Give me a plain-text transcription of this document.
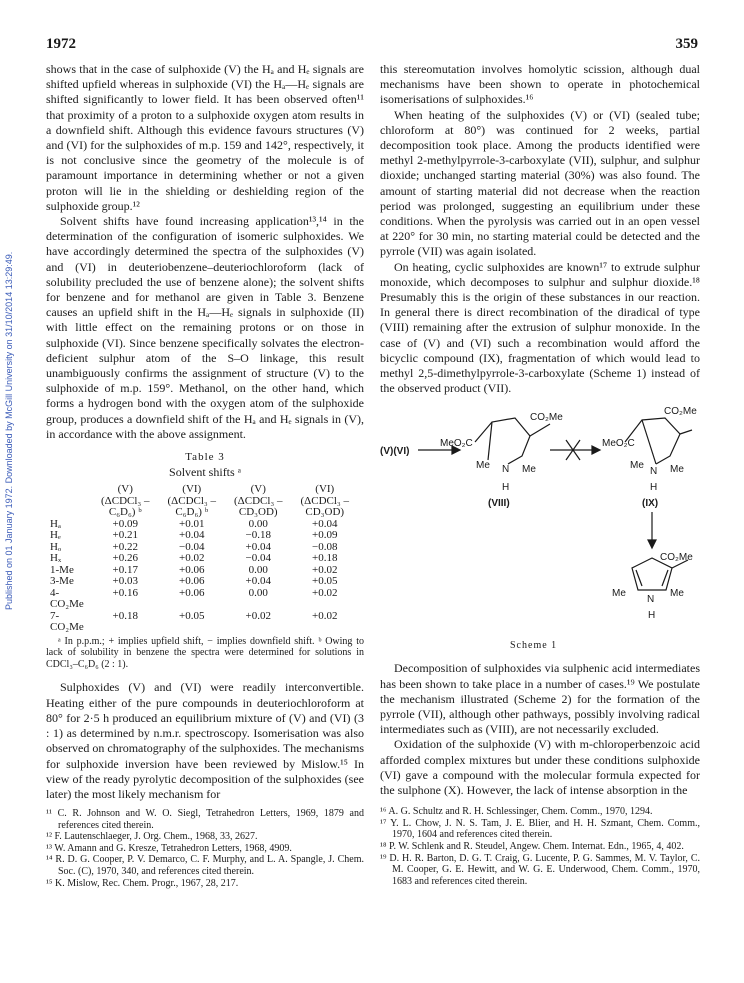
Published on 01 January 1972. Downloaded by McGill University on 31/10/2014 13:29:49.
1972	359

shows that in the case of sulphoxide (V) the Hₐ and Hₑ signals are shifted upfield whereas in sulphoxide (VI) the Hₐ—Hₑ signals are shifted significantly to lower field. It has been observed often¹¹ that proximity of a proton to a sulphoxide oxygen atom results in a downfield shift. Although this evidence favours structures (V) and (VI) for the sulphoxides of m.p. 159 and 142°, respectively, it is not conclusive since the geometry of the molecule is of paramount importance in determining whether or not a given proton will lie in the shielding or deshielding region of the sulphoxide group.¹²

Solvent shifts have found increasing application¹³,¹⁴ in the determination of the configuration of isomeric sulphoxides. We have accordingly determined the spectra of the sulphoxides (V) and (VI) in deuteriobenzene–deuteriochloroform (lack of solubility precluded the use of benzene alone); the solvent shifts for benzene and for methanol are given in Table 3. Benzene causes an upfield shift in the Hₐ—Hₑ signals in sulphoxide (II) with little effect on the remaining protons or on those in sulphoxide (VI). Since benzene specifically solvates the electron-deficient sulphur atom of the S–O linkage, this result unambiguously confirms the assignment of structure (V) to the sulphoxide of m.p. 159°. Methanol, on the other hand, which forms a hydrogen bond with the oxygen atom of the sulphoxide group, produces a downfield shift of the Hₐ and Hₑ signals in (V), in accordance with the above assignment.

Table 3
Solvent shifts ᵃ
	(V)	(VI)	(V)	(VI)
	(ΔCDCl₃ –	(ΔCDCl₃ –	(ΔCDCl₃ –	(ΔCDCl₃ –
	C₆D₆) ᵇ	C₆D₆) ᵇ	CD₃OD)	CD₃OD)
Hₐ	+0.09	+0.01	0.00	+0.04
Hₑ	+0.21	+0.04	−0.18	+0.09
Hₒ	+0.22	−0.04	+0.04	−0.08
Hₓ	+0.26	+0.02	−0.04	+0.18
1-Me	+0.17	+0.06	0.00	+0.02
3-Me	+0.03	+0.06	+0.04	+0.05
4-CO₂Me	+0.16	+0.06	0.00	+0.02
7-CO₂Me	+0.18	+0.05	+0.02	+0.02
ᵃ In p.p.m.; + implies upfield shift, − implies downfield shift. ᵇ Owing to lack of solubility in benzene the spectra were determined for solutions in CDCl₃–C₆D₆ (2 : 1).

Sulphoxides (V) and (VI) were readily interconvertible. Heating either of the pure compounds in deuteriochloroform at 80° for 2·5 h produced an equilibrium mixture of (V) and (VI) (3 : 1) as determined by n.m.r. spectroscopy. Isomerisation was also observed on chromatography of the sulphoxides. The mechanisms for sulphoxide inversion have been reviewed by Mislow.¹⁵ In view of the ready pyrolytic decomposition of the sulphoxides (see later) the most likely mechanism for

¹¹ C. R. Johnson and W. O. Siegl, Tetrahedron Letters, 1969, 1879 and references cited therein.
¹² F. Lautenschlaeger, J. Org. Chem., 1968, 33, 2627.
¹³ W. Amann and G. Kresze, Tetrahedron Letters, 1968, 4909.
¹⁴ R. D. G. Cooper, P. V. Demarco, C. F. Murphy, and L. A. Spangle, J. Chem. Soc. (C), 1970, 340, and references cited therein.
¹⁵ K. Mislow, Rec. Chem. Progr., 1967, 28, 217.

this stereomutation involves homolytic scission, although dual mechanisms have been shown to operate in photochemical isomerisations of sulphoxides.¹⁶

When heating of the sulphoxides (V) or (VI) (sealed tube; chloroform at 80°) was continued for 2 weeks, partial decomposition took place. Among the products identified were methyl 2-methylpyrrole-3-carboxylate (VII), sulphur, and sulphur dioxide; unchanged starting material (30%) was also found. The amount of starting material did not decrease when the reaction period was prolonged, suggesting an equilibrium under these conditions. When the pyrolysis was carried out in an open vessel at 220° for 30 min, no starting material could be detected and the pyrrole (VII) was again isolated.

On heating, cyclic sulphoxides are known¹⁷ to extrude sulphur monoxide, which decomposes to sulphur and sulphur dioxide.¹⁸ Presumably this is the origin of these substances in our reaction. In general there is direct recombination of the diradical of type (VIII) remaining after the extrusion of sulphur monoxide. In the case of (V) and (VI) such a recombination would afford the bicyclic compound (IX), fragmentation of which would lead to methyl 2,5-dimethylpyrrole-3-carboxylate (Scheme 1) instead of the observed product (VII).

(V)(VI)
MeO₂C
CO₂Me
Me N Me
H
(VIII)
MeO₂C
CO₂Me
Me
N Me
H
(IX)
CO₂Me
Me
N
Me
H
Scheme 1

Decomposition of sulphoxides via sulphenic acid intermediates has been shown to take place in a number of cases.¹⁹ We postulate the mechanism illustrated (Scheme 2) for the formation of the pyrrole (VII), although other pathways, possibly involving radical intermediates such as (VIII), are not necessarily excluded.

Oxidation of the sulphoxide (V) with m-chloroperbenzoic acid afforded complex mixtures but under these conditions sulphoxide (VI) gave a compound with the molecular formula expected for the sulphone (X). However, the lack of intense absorption in the

¹⁶ A. G. Schultz and R. H. Schlessinger, Chem. Comm., 1970, 1294.
¹⁷ Y. L. Chow, J. N. S. Tam, J. E. Blier, and H. H. Szmant, Chem. Comm., 1970, 1604 and references cited therein.
¹⁸ P. W. Schlenk and R. Steudel, Angew. Chem. Internat. Edn., 1965, 4, 402.
¹⁹ D. H. R. Barton, D. G. T. Craig, G. Lucente, P. G. Sammes, M. V. Taylor, C. M. Cooper, G. E. Hewitt, and W. G. E. Underwood, Chem. Comm., 1970, 1683 and references cited therein.
